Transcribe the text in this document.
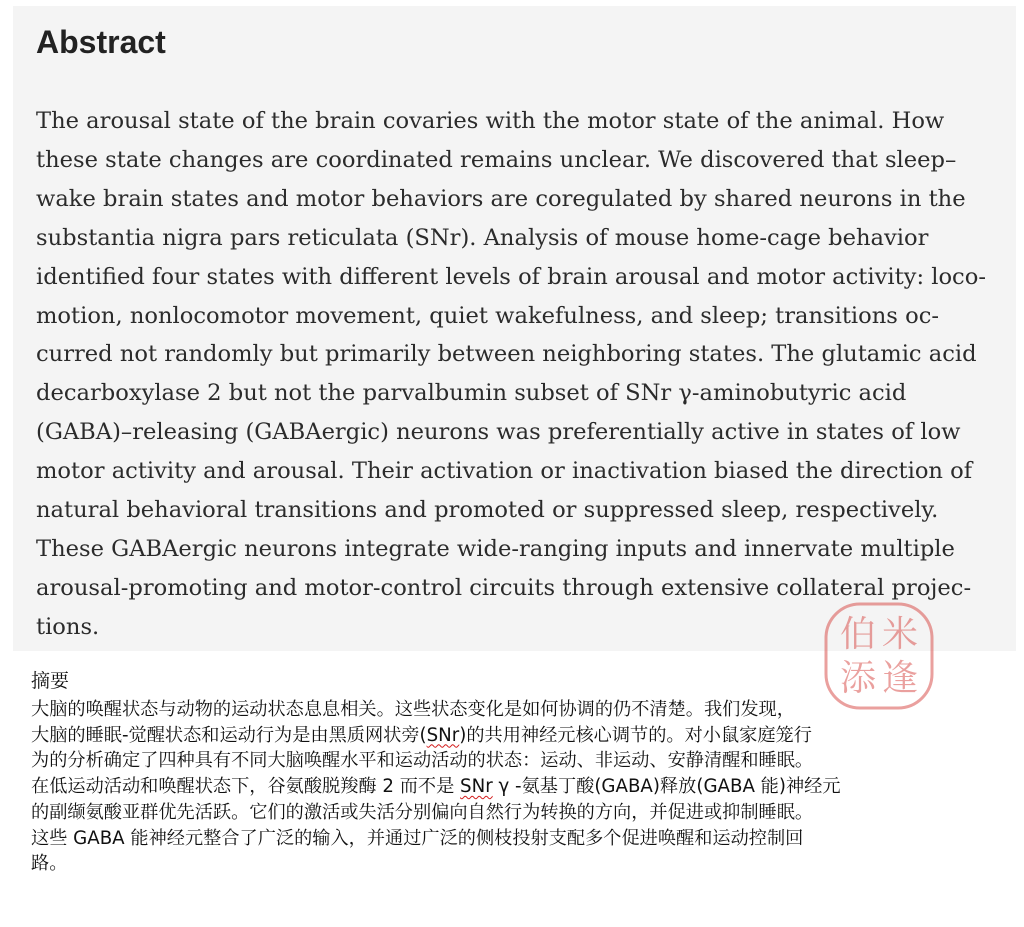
Abstract
The arousal state of the brain covaries with the motor state of the animal. How
these state changes are coordinated remains unclear. We discovered that sleep–
wake brain states and motor behaviors are coregulated by shared neurons in the
substantia nigra pars reticulata (SNr). Analysis of mouse home-cage behavior
identified four states with different levels of brain arousal and motor activity: loco-
motion, nonlocomotor movement, quiet wakefulness, and sleep; transitions oc-
curred not randomly but primarily between neighboring states. The glutamic acid
decarboxylase 2 but not the parvalbumin subset of SNr γ-aminobutyric acid
(GABA)–releasing (GABAergic) neurons was preferentially active in states of low
motor activity and arousal. Their activation or inactivation biased the direction of
natural behavioral transitions and promoted or suppressed sleep, respectively.
These GABAergic neurons integrate wide-ranging inputs and innervate multiple
arousal-promoting and motor-control circuits through extensive collateral projec-
tions.	米
逢
添
伯
摘要
大脑的唤醒状态与动物的运动状态息息相关。这些状态变化是如何协调的仍不清楚。我们发现，
大脑的睡眠-觉醒状态和运动行为是由黑质网状旁(SNr)的共用神经元核心调节的。对小鼠家庭笼行
为的分析确定了四种具有不同大脑唤醒水平和运动活动的状态：运动、非运动、安静清醒和睡眠。
在低运动活动和唤醒状态下，谷氨酸脱羧酶 2 而不是 SNr γ -氨基丁酸(GABA)释放(GABA 能)神经元
的副缬氨酸亚群优先活跃。它们的激活或失活分别偏向自然行为转换的方向，并促进或抑制睡眠。
这些 GABA 能神经元整合了广泛的输入，并通过广泛的侧枝投射支配多个促进唤醒和运动控制回
路。
